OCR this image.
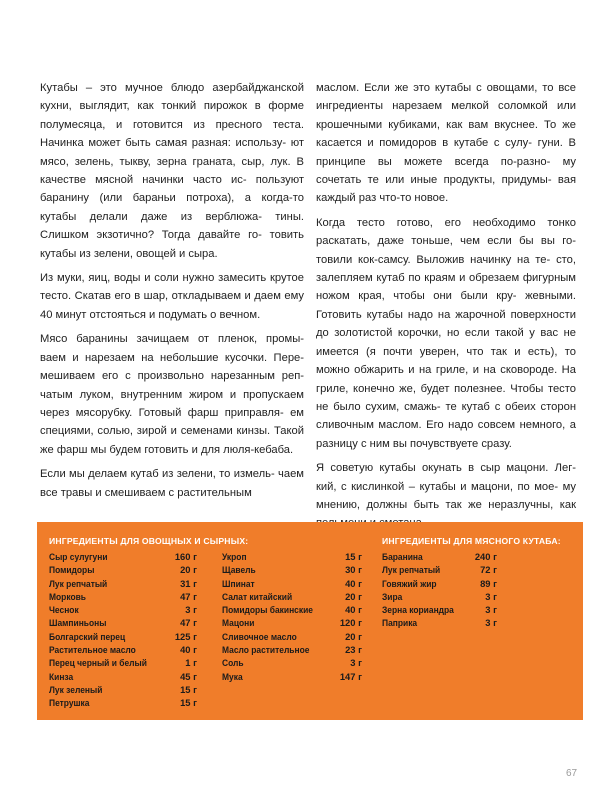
Кутабы – это мучное блюдо азербайджанской кухни, выглядит, как тонкий пирожок в форме полумесяца, и готовится из пресного теста. Начинка может быть самая разная: использу- ют мясо, зелень, тыкву, зерна граната, сыр, лук. В качестве мясной начинки часто ис- пользуют баранину (или бараньи потроха), а когда-то кутабы делали даже из верблюжа- тины. Слишком экзотично? Тогда давайте го- товить кутабы из зелени, овощей и сыра.

Из муки, яиц, воды и соли нужно замесить крутое тесто. Скатав его в шар, откладываем и даем ему 40 минут отстояться и подумать о вечном.

Мясо баранины зачищаем от пленок, промы- ваем и нарезаем на небольшие кусочки. Пере- мешиваем его с произвольно нарезанным реп- чатым луком, внутренним жиром и пропускаем через мясорубку. Готовый фарш приправля- ем специями, солью, зирой и семенами кинзы. Такой же фарш мы будем готовить и для люля-кебаба.

Если мы делаем кутаб из зелени, то измель- чаем все травы и смешиваем с растительным

маслом. Если же это кутабы с овощами, то все ингредиенты нарезаем мелкой соломкой или крошечными кубиками, как вам вкуснее. То же касается и помидоров в кутабе с сулу- гуни. В принципе вы можете всегда по-разно- му сочетать те или иные продукты, придумы- вая каждый раз что-то новое.

Когда тесто готово, его необходимо тонко раскатать, даже тоньше, чем если бы вы го- товили кок-самсу. Выложив начинку на те- сто, залепляем кутаб по краям и обрезаем фигурным ножом края, чтобы они были кру- жевными. Готовить кутабы надо на жарочной поверхности до золотистой корочки, но если такой у вас не имеется (я почти уверен, что так и есть), то можно обжарить и на гриле, и на сковороде. На гриле, конечно же, будет полезнее. Чтобы тесто не было сухим, смажь- те кутаб с обеих сторон сливочным маслом. Его надо совсем немного, а разницу с ним вы почувствуете сразу.

Я советую кутабы окунать в сыр мацони. Лег- кий, с кислинкой – кутабы и мацони, по мое- му мнению, должны быть так же неразлучны, как

ИНГРЕДИЕНТЫ ДЛЯ ОВОЩНЫХ И СЫРНЫХ:
Сыр сулугуни	160 г
Помидоры	20 г
Лук репчатый	31 г
Морковь	47 г
Чеснок	3 г
Шампиньоны	47 г
Болгарский перец	125 г
Растительное масло	40 г
Перец черный и белый	1 г
Кинза	45 г
Лук зеленый	15 г
Петрушка	15 г
Укроп	15 г
Щавель	30 г
Шпинат	40 г
Салат китайский	20 г
Помидоры бакинские	40 г
Мацони	120 г
Сливочное масло	20 г
Масло растительное	23 г
Соль	3 г
Мука	147 г
ИНГРЕДИЕНТЫ ДЛЯ МЯСНОГО КУТАБА:
Баранина	240 г
Лук репчатый	72 г
Говяжий жир	89 г
Зира	3 г
Зерна кориандра	3 г
Паприка	3 г
67
